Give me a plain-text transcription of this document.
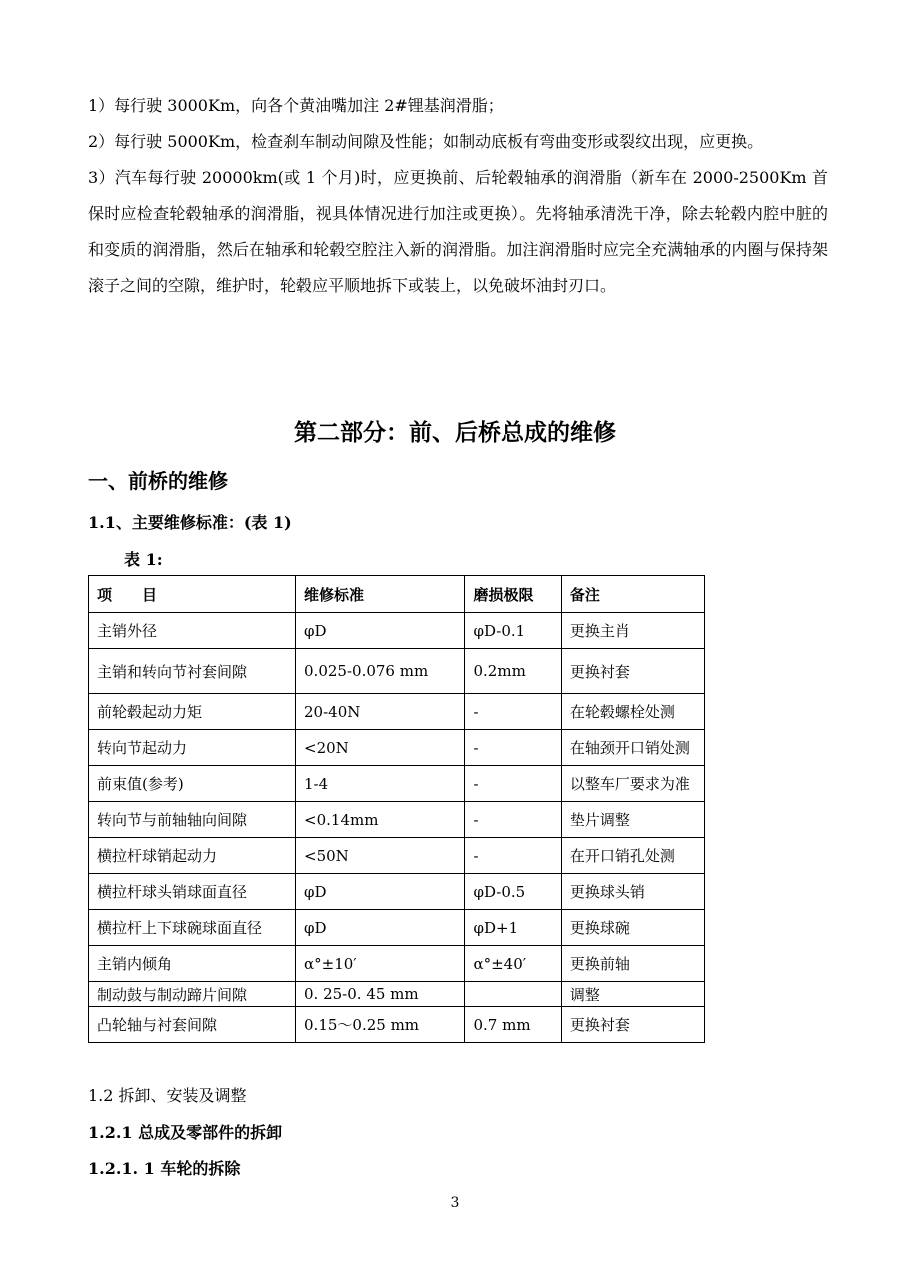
1）每行驶 3000Km，向各个黄油嘴加注 2#锂基润滑脂；

2）每行驶 5000Km，检查刹车制动间隙及性能；如制动底板有弯曲变形或裂纹出现，应更换。

3）汽车每行驶 20000km(或 1 个月)时，应更换前、后轮毂轴承的润滑脂（新车在 2000-2500Km 首保时应检查轮毂轴承的润滑脂，视具体情况进行加注或更换）。先将轴承清洗干净，除去轮毂内腔中脏的和变质的润滑脂，然后在轴承和轮毂空腔注入新的润滑脂。加注润滑脂时应完全充满轴承的内圈与保持架滚子之间的空隙，维护时，轮毂应平顺地拆下或装上，以免破坏油封刃口。

第二部分：前、后桥总成的维修
一、前桥的维修
1.1、主要维修标准：(表 1)
表 1:
项　　目	维修标准	磨损极限	备注
主销外径	φD	φD-0.1	更换主肖
主销和转向节衬套间隙	0.025-0.076 mm	0.2mm	更换衬套
前轮毂起动力矩	20-40N	-	在轮毂螺栓处测
转向节起动力	<20N	-	在轴颈开口销处测
前束值(参考)	1-4	-	以整车厂要求为准
转向节与前轴轴向间隙	<0.14mm	-	垫片调整
横拉杆球销起动力	<50N	-	在开口销孔处测
横拉杆球头销球面直径	φD	φD-0.5	更换球头销
横拉杆上下球碗球面直径	φD	φD+1	更换球碗
主销内倾角	α°±10′	α°±40′	更换前轴
制动鼓与制动蹄片间隙	0. 25-0. 45 mm		调整
凸轮轴与衬套间隙	0.15～0.25 mm	0.7 mm	更换衬套
1.2 拆卸、安装及调整
1.2.1 总成及零部件的拆卸
1.2.1. 1 车轮的拆除
3
